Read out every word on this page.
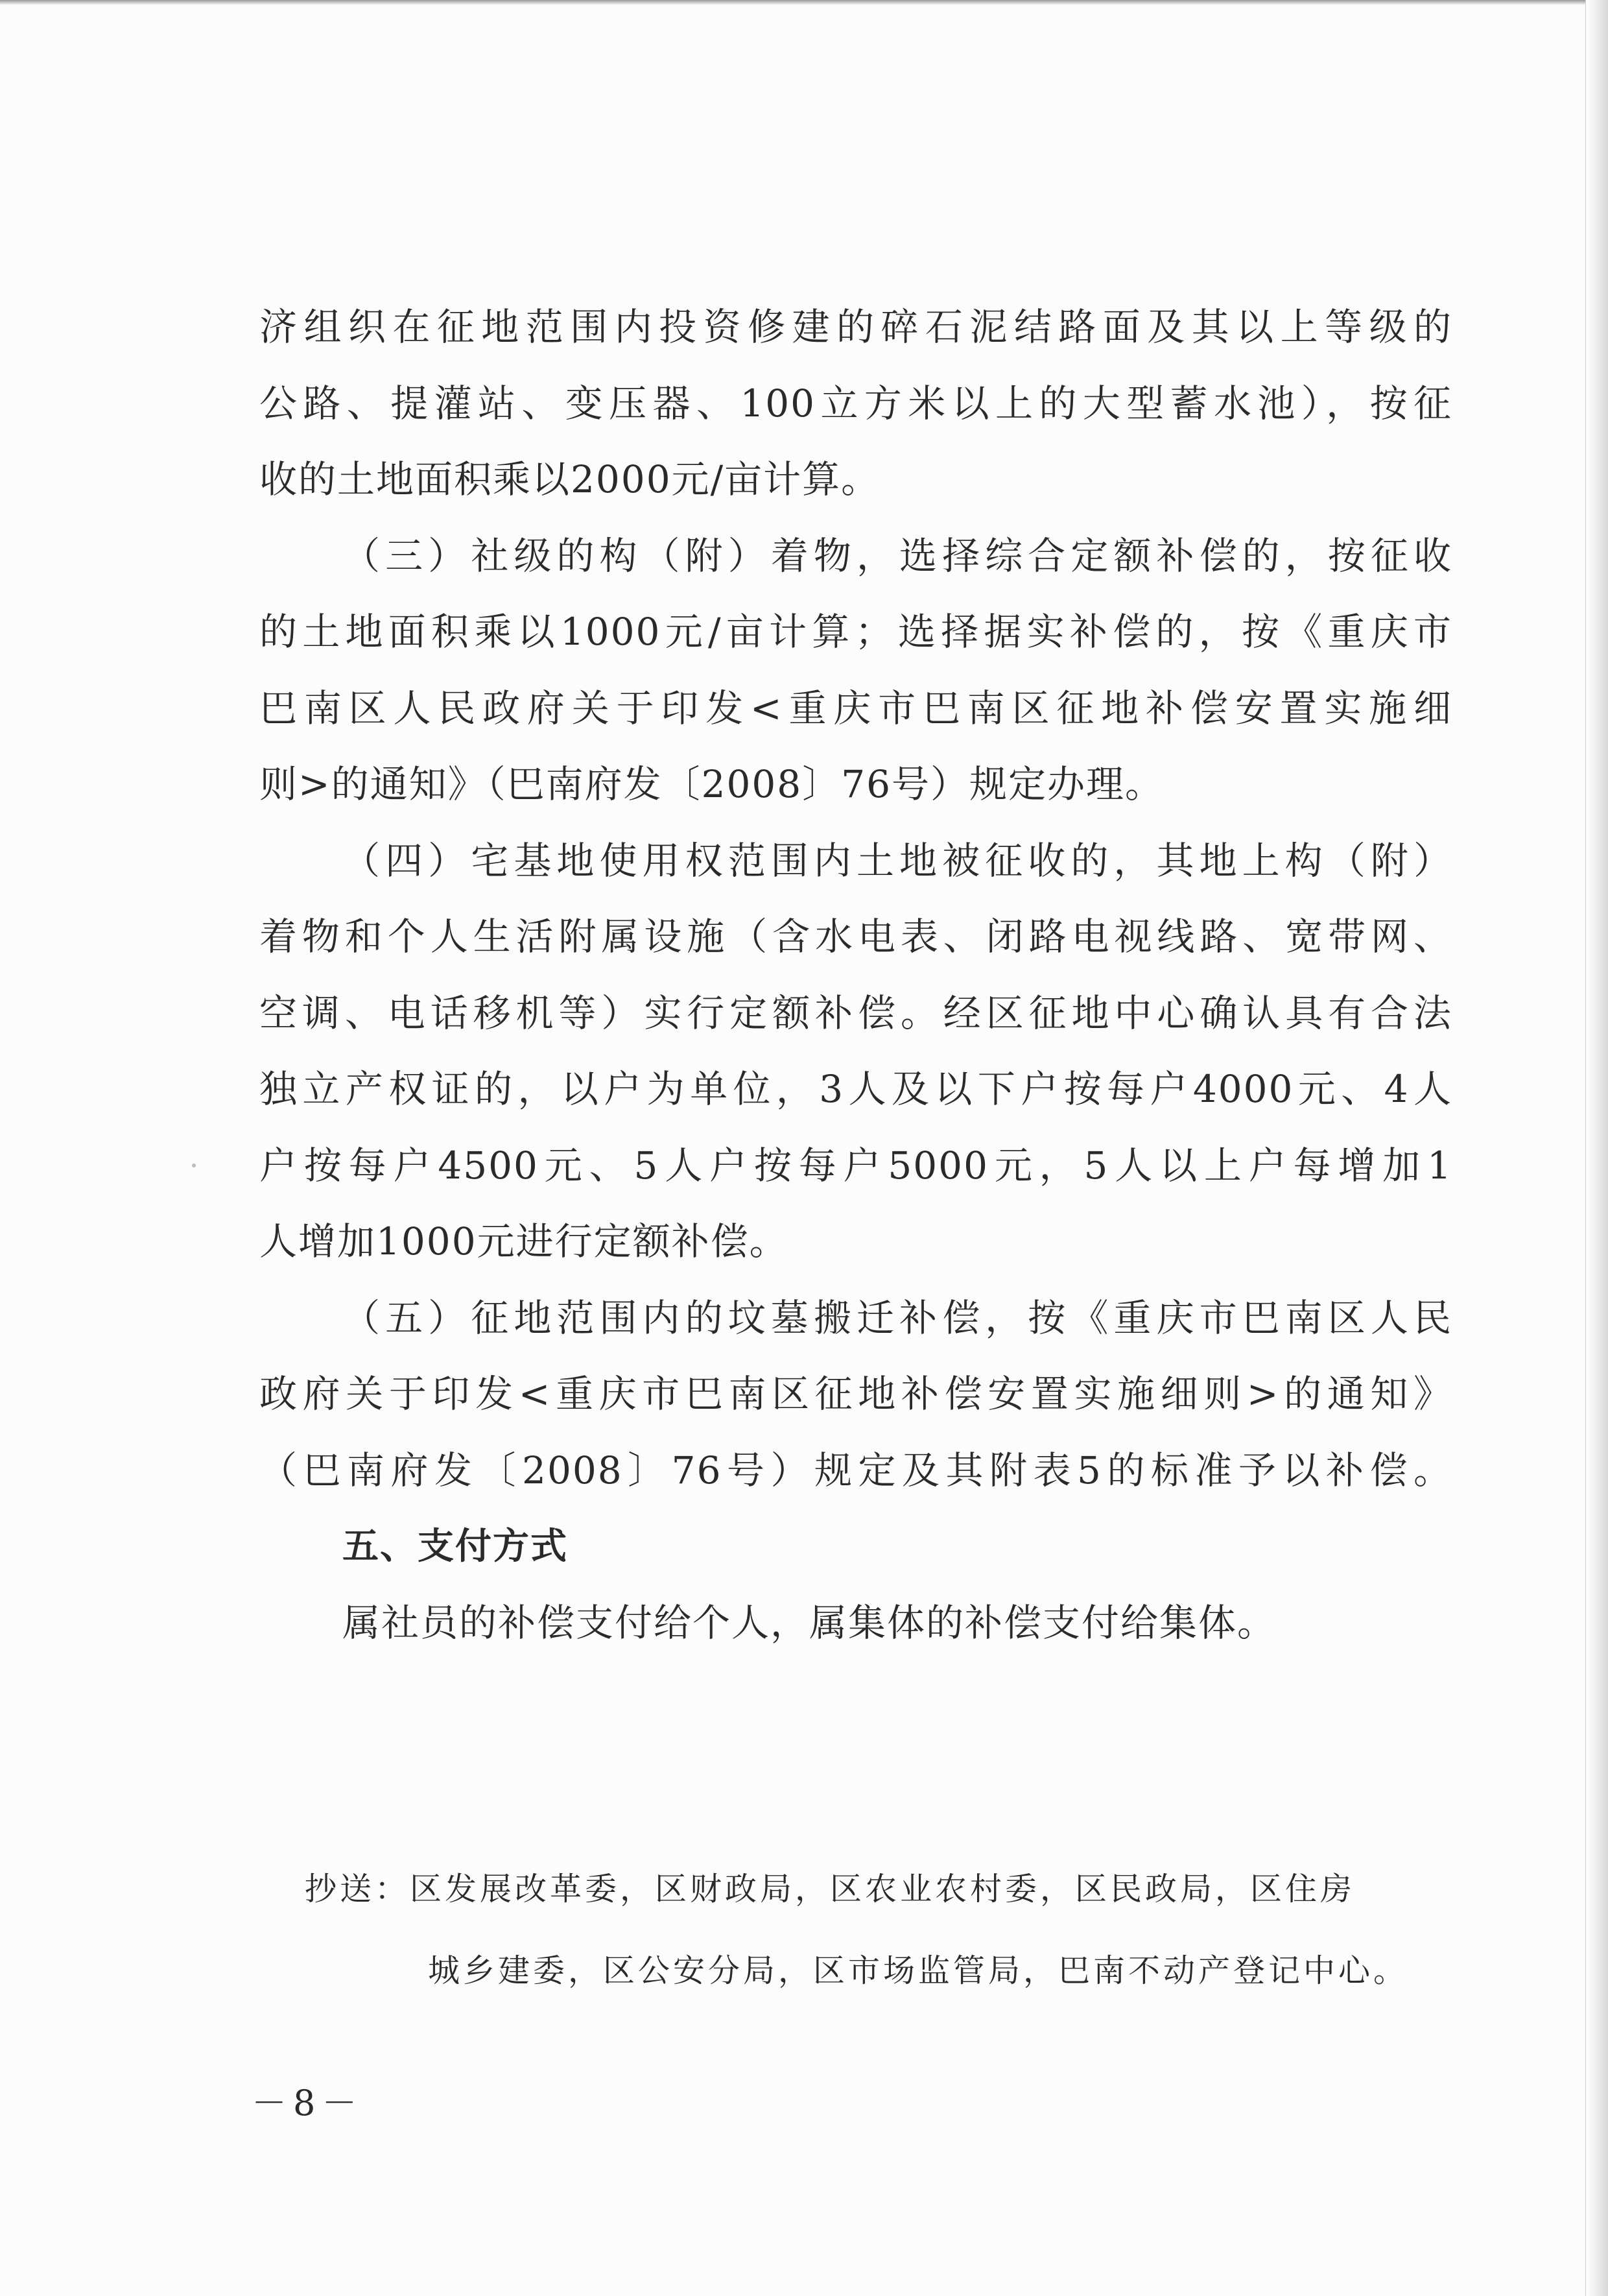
济组织在征地范围内投资修建的碎石泥结路面及其以上等级的
公路、提灌站、变压器、100立方米以上的大型蓄水池），按征
收的土地面积乘以2000元/亩计算。
（三）社级的构（附）着物，选择综合定额补偿的，按征收
的土地面积乘以1000元/亩计算；选择据实补偿的，按《重庆市
巴南区人民政府关于印发<重庆市巴南区征地补偿安置实施细
则>的通知》（巴南府发〔2008〕76号）规定办理。
（四）宅基地使用权范围内土地被征收的，其地上构（附）
着物和个人生活附属设施（含水电表、闭路电视线路、宽带网、
空调、电话移机等）实行定额补偿。经区征地中心确认具有合法
独立产权证的，以户为单位，3人及以下户按每户4000元、4人
户按每户4500元、5人户按每户5000元，5人以上户每增加1
人增加1000元进行定额补偿。
（五）征地范围内的坟墓搬迁补偿，按《重庆市巴南区人民
政府关于印发<重庆市巴南区征地补偿安置实施细则>的通知》
（巴南府发〔2008〕76号）规定及其附表5的标准予以补偿。
五、支付方式
属社员的补偿支付给个人，属集体的补偿支付给集体。
抄送：区发展改革委，区财政局，区农业农村委，区民政局，区住房
城乡建委，区公安分局，区市场监管局，巴南不动产登记中心。
－8－
